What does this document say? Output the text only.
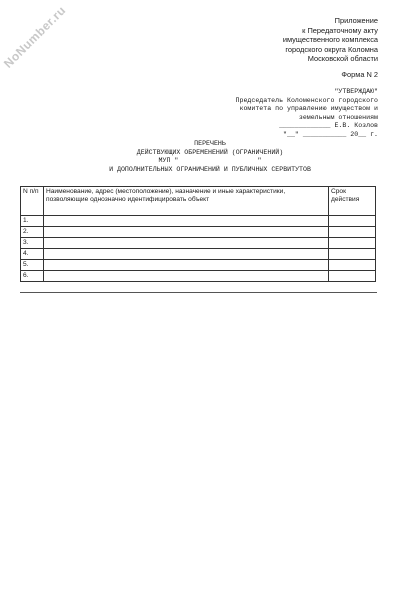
NoNumber.ru	Приложение
к Передаточному акту
имущественного комплекса
городского округа Коломна
Московской области
Форма N 2
"УТВЕРЖДАЮ"
Председатель Коломенского городского
комитета по управлению имуществом и
земельным отношениям
_____________ Е.В. Козлов
"__" ___________ 20__ г.
ПЕРЕЧЕНЬ
ДЕЙСТВУЮЩИХ ОБРЕМЕНЕНИЙ (ОГРАНИЧЕНИЙ)
МУП "                    "
И ДОПОЛНИТЕЛЬНЫХ ОГРАНИЧЕНИЙ И ПУБЛИЧНЫХ СЕРВИТУТОВ
N п/п	Наименование, адрес (местоположение), назначение и иные характеристики, позволяющие однозначно идентифицировать объект	Срок действия
1.		
2.		
3.		
4.		
5.		
6.		
